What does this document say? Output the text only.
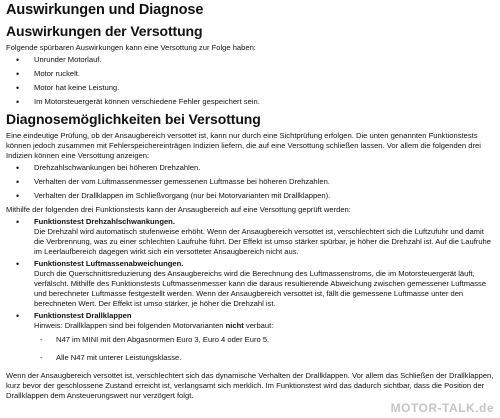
Auswirkungen und Diagnose
Auswirkungen der Versottung

Folgende spürbaren Auswirkungen kann eine Versottung zur Folge haben:

• Unrunder Motorlauf.
• Motor ruckelt.
• Motor hat keine Leistung.
• Im Motorsteuergerät können verschiedene Fehler gespeichert sein.
Diagnosemöglichkeiten bei Versottung

Eine eindeutige Prüfung, ob der Ansaugbereich versottet ist, kann nur durch eine Sichtprüfung erfolgen. Die unten genannten Funktionstests können jedoch zusammen mit Fehlerspeichereinträgen Indizien liefern, die auf eine Versottung schließen lassen. Vor allem die folgenden drei Indizien können eine Versottung anzeigen:

• Drehzahlschwankungen bei höheren Drehzahlen.
• Verhalten der vom Luftmassenmesser gemessenen Luftmasse bei höheren Drehzahlen.
• Verhalten der Drallklappen im Schließvorgang (nur bei Motorvarianten mit Drallklappen).

Mithilfe der folgenden drei Funktionstests kann der Ansaugbereich auf eine Versottung geprüft werden:

• Funktionstest Drehzahlschwankungen.
Die Drehzahl wird automatisch stufenweise erhöht. Wenn der Ansaugbereich versottet ist, verschlechtert sich die Luftzufuhr und damit die Verbrennung, was zu einer schlechten Laufruhe führt. Der Effekt ist umso stärker spürbar, je höher die Drehzahl ist. Auf die Laufruhe im Leerlaufbereich dagegen wirkt sich ein versotteter Ansaugbereich nicht aus.
• Funktionstest Luftmassenabweichungen.
Durch die Querschnittsreduzierung des Ansaugbereichs wird die Berechnung des Luftmassenstroms, die im Motorsteuergerät läuft, verfälscht. Mithilfe des Funktionstests Luftmassenmesser kann die daraus resultierende Abweichung zwischen gemessener Luftmasse und berechneter Luftmasse festgestellt werden. Wenn der Ansaugbereich versottet ist, fällt die gemessene Luftmasse unter den berechneten Wert. Der Effekt ist umso stärker, je höher die Drehzahl ist.
• Funktionstest Drallklappen
Hinweis: Drallklappen sind bei folgenden Motorvarianten nicht verbaut:
- N47 im MINI mit den Abgasnormen Euro 3, Euro 4 oder Euro 5.
- Alle N47 mit unterer Leistungsklasse.

Wenn der Ansaugbereich versottet ist, verschlechtert sich das dynamische Verhalten der Drallklappen. Vor allem das Schließen der Drallklappen, kurz bevor der geschlossene Zustand erreicht ist, verlangsamt sich merklich. Im Funktionstest wird das dadurch sichtbar, dass die Position der Drallklappen dem Ansteuerungswert nur verzögert folgt.

MOTOR-TALK.de
